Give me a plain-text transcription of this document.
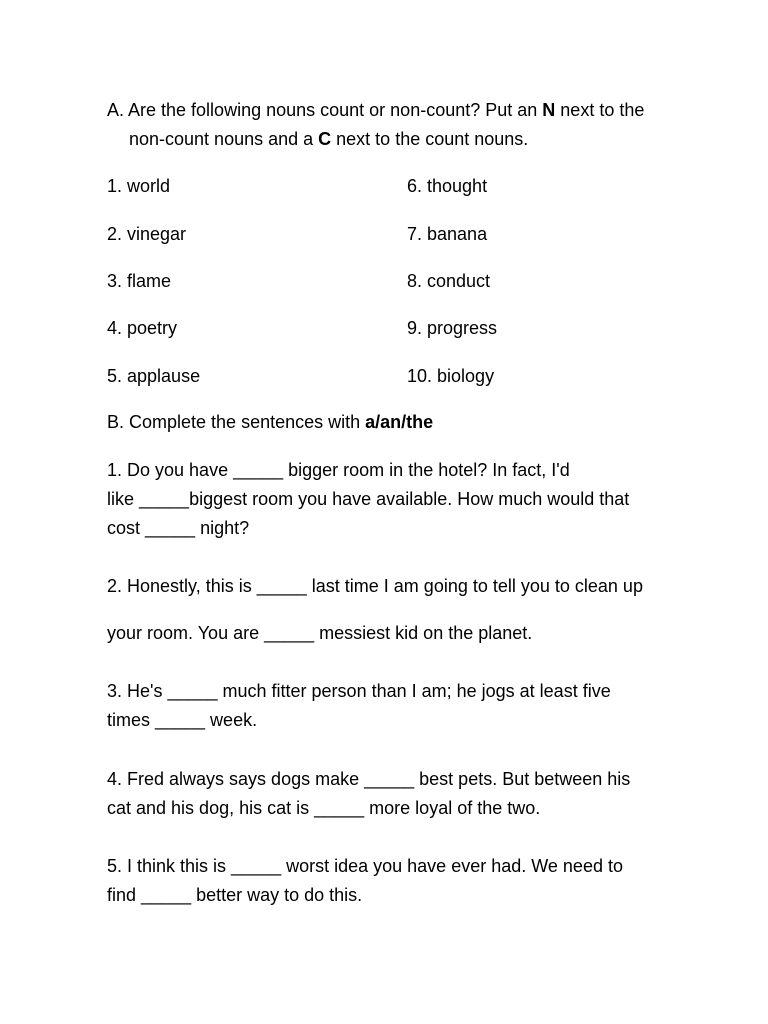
A. Are the following nouns count or non-count? Put an N next to the
non-count nouns and a C next to the count nouns.
1. world	6. thought
2. vinegar	7. banana
3. flame	8. conduct
4. poetry	9. progress
5. applause	10. biology
B. Complete the sentences with a/an/the
1. Do you have _____ bigger room in the hotel? In fact, I'd
like _____biggest room you have available. How much would that
cost _____ night?
2. Honestly, this is _____ last time I am going to tell you to clean up
your room. You are _____ messiest kid on the planet.
3. He's _____ much fitter person than I am; he jogs at least five
times _____ week.
4. Fred always says dogs make _____ best pets. But between his
cat and his dog, his cat is _____ more loyal of the two.
5. I think this is _____ worst idea you have ever had. We need to
find _____ better way to do this.
